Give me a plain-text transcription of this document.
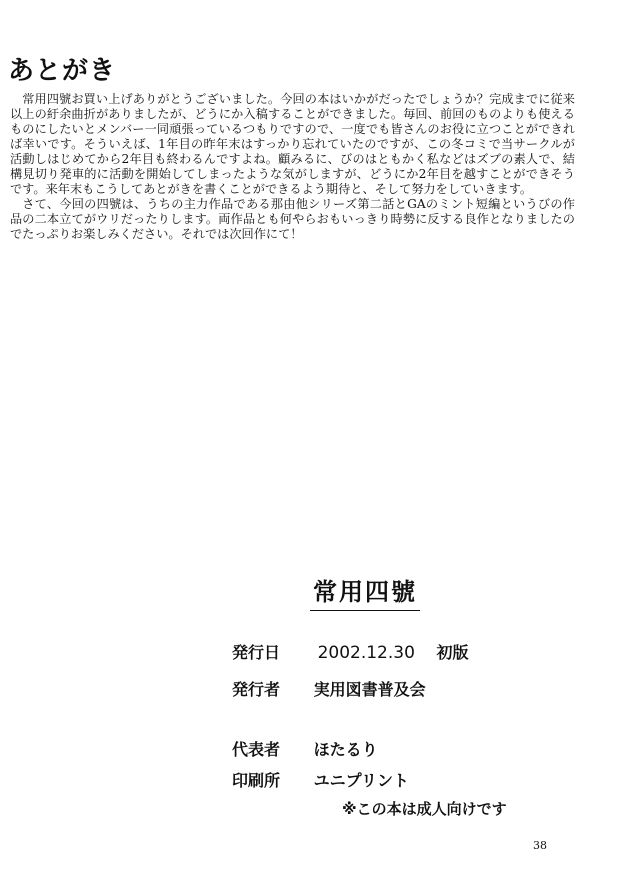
あとがき

常用四號お買い上げありがとうございました。今回の本はいかがだったでしょうか？完成までに従来以上の紆余曲折がありましたが、どうにか入稿することができました。毎回、前回のものよりも使えるものにしたいとメンバー一同頑張っているつもりですので、一度でも皆さんのお役に立つことができれば幸いです。そういえば、1年目の昨年末はすっかり忘れていたのですが、この冬コミで当サークルが活動しはじめてから2年目も終わるんですよね。顧みるに、びのはともかく私などはズブの素人で、結構見切り発車的に活動を開始してしまったような気がしますが、どうにか2年目を越すことができそうです。来年末もこうしてあとがきを書くことができるよう期待と、そして努力をしていきます。

さて、今回の四號は、うちの主力作品である那由他シリーズ第二話とGAのミント短編というびの作品の二本立てがウリだったりします。両作品とも何やらおもいっきり時勢に反する良作となりましたのでたっぷりお楽しみください。それでは次回作にて！

常用四號
発行日 2002.12.30 初版
発行者 実用図書普及会
代表者 ほたるり
印刷所 ユニプリント
※この本は成人向けです
38
